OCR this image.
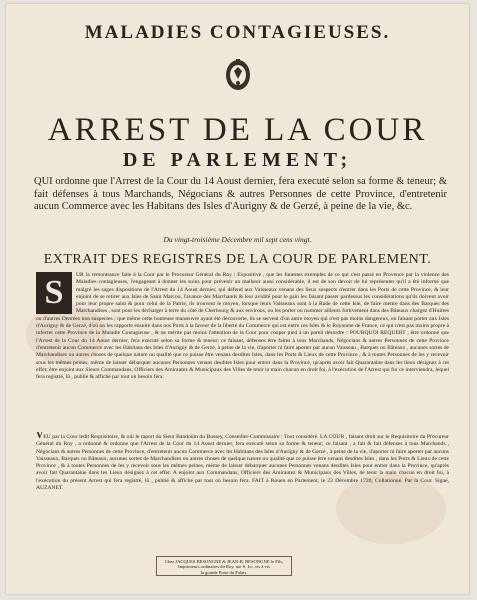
MALADIES CONTAGIEUSES.
ARREST DE LA COUR
DE PARLEMENT;
QUI ordonne que l'Arrest de la Cour du 14 Aoust dernier, fera executé selon sa forme & teneur; & fait défenses à tous Marchands, Négocians & autres Personnes de cette Province, d'entretenir aucun Commerce avec les Habitans des Isles d'Aurigny & de Gerzé, à peine de la vie, &c.
Du vingt-troisième Décembre mil sept cens vingt.
EXTRAIT DES REGISTRES DE LA COUR DE PARLEMENT.
S	UR la remontrance faite à la Cour par le Procureur Général du Roy ; Expositive , que les funestes exemples de ce qui s'est passé en Provence par la violence des Maladies contagieuses, l'engageant à donner les soins pour prévenir un malheur aussi considérable, il est de son devoir de lui représenter qu'il a été informé que malgré les sages dispositions de l'Arrest du 14 Aoust dernier, qui défend aux Vaisseaux venans des lieux suspects d'entrer dans les Ports de cette Province, & leur enjoint de se retirer aux Isles de Saint Marcou, l'avance des Marchands & leur avidité pour le gain les faisant passer pardessus les considérations qu'ils doivent avoir pour leur propre salut & pour celui de la Patrie, ils trouvent le moyen, lorsque leurs Vaisseaux sont à la Rade de cette Isle, de faire mettre dans des Barques des Marchandises , sont pour les décharger à terre du côté de Cherbourg & aux environs, ou les porter ou nommer ailleurs furtivement dans des Bâteaux chargez d'Huitres ou d'autres Denrées non suspectes ; que même cette honteuse manœuvre ayant été découverte, ils se servent d'un autre moyen qui n'est pas moins dangereux, en faisant porter aux Isles d'Aurigny & de Gerzé, d'où on les rapporte ensuite dans nos Ports à la faveur de la liberté du Commerce qui est entre ces Isles & le Royaume de France, ce qui n'est pas moins propre à infecter cette Province de la Maladie Contagieuse , & ne mérite pas moins l'attention de la Cour pour couper pied à un pareil désordre : POURQUOI REQUERT , être ordonné que l'Arrest de la Cour du 14 Aoust dernier, fera executé selon sa forme & teneur; ce faisant, défenses être faites à tous Marchands, Négocians & autres Personnes de cette Province d'entretenir aucun Commerce avec les Habitans des Isles d'Aurigny & de Gerzé, à peine de la vie, d'aporter ni faire aporter par aucun Vaisseau , Barques ou Bâteaux , aucunes sortes de Marchandises ou autres choses de quelque nature ou qualité que ce puisse être venans desdites Isles, dans les Ports & Lieux de cette Province , & à toutes Personnes de les y recevoir sous les mêmes peines, même de laisser débarquer aucunes Personnes venans desdites Isles pour entrer dans la Province, qu'après avoir fait Quarantaine dans les lieux désignez à cet effet; être enjoint aux Sieurs Commandans, Officiers des Amirautez & Municipaux des Villes de tenir la main chacun en droit foi, à l'exécution de l'Arrest qui fur ce interviendra, lequel fera registré, lû , publié & affiché par tout où besoin fera.
VEU par la Cour ledit Requisitoire, & oüi le raport du Sieur Bandoüin du Bussey, Conseiller-Commissaire : Tout considéré. LA COUR , faisant droit sur le Requisitoire du Procureur Général du Roy , a ordonné & ordonne que l'Arrest de la Cour du 14 Aoust dernier, fera executé selon sa forme & teneur; ce faisant , a fait & fait défenses à tous Marchands , Négocians & autres Personnes de cette Province, d'entretenir aucun Commerce avec les Habitans des Isles d'Aurigny & de Gerzé , à peine de la vie, d'aporter ni faire aporter par aucuns Vaisseaux, Barques ou Bâteaux, aucunes sortes de Marchandises ou autres choses de quelque nature ou qualité que ce puisse être venans desdites Isles , dans les Ports & Lieux de cette Province , & à toutes Personnes de les y recevoir sous les mêmes peines, même de laisser débarquer aucunes Personnes venans desdites Isles pour entrer dans la Province, qu'après avoir fait Quarantaine dans les Lieux désignez à cet effet. A enjoint aux Commandans, Officiers des Amirautez & Municipaux des Villes, de tenir la main chacun en droit foi, à l'exécution du présent Arrest qui fera registré, lû , publié & affiché par tout où besoin fera. FAIT à Rouen en Parlement, le 23 Décembre 1720, Collationné. Par la Cour. Signé, AUZANET.
Chez JACQUES BESONGNE & JEAN-B. BESONGNE le Fils,
Imprimeurs ordinaires du Roy, rue S. Lo, vis à vis
la grande Porte du Palais.
